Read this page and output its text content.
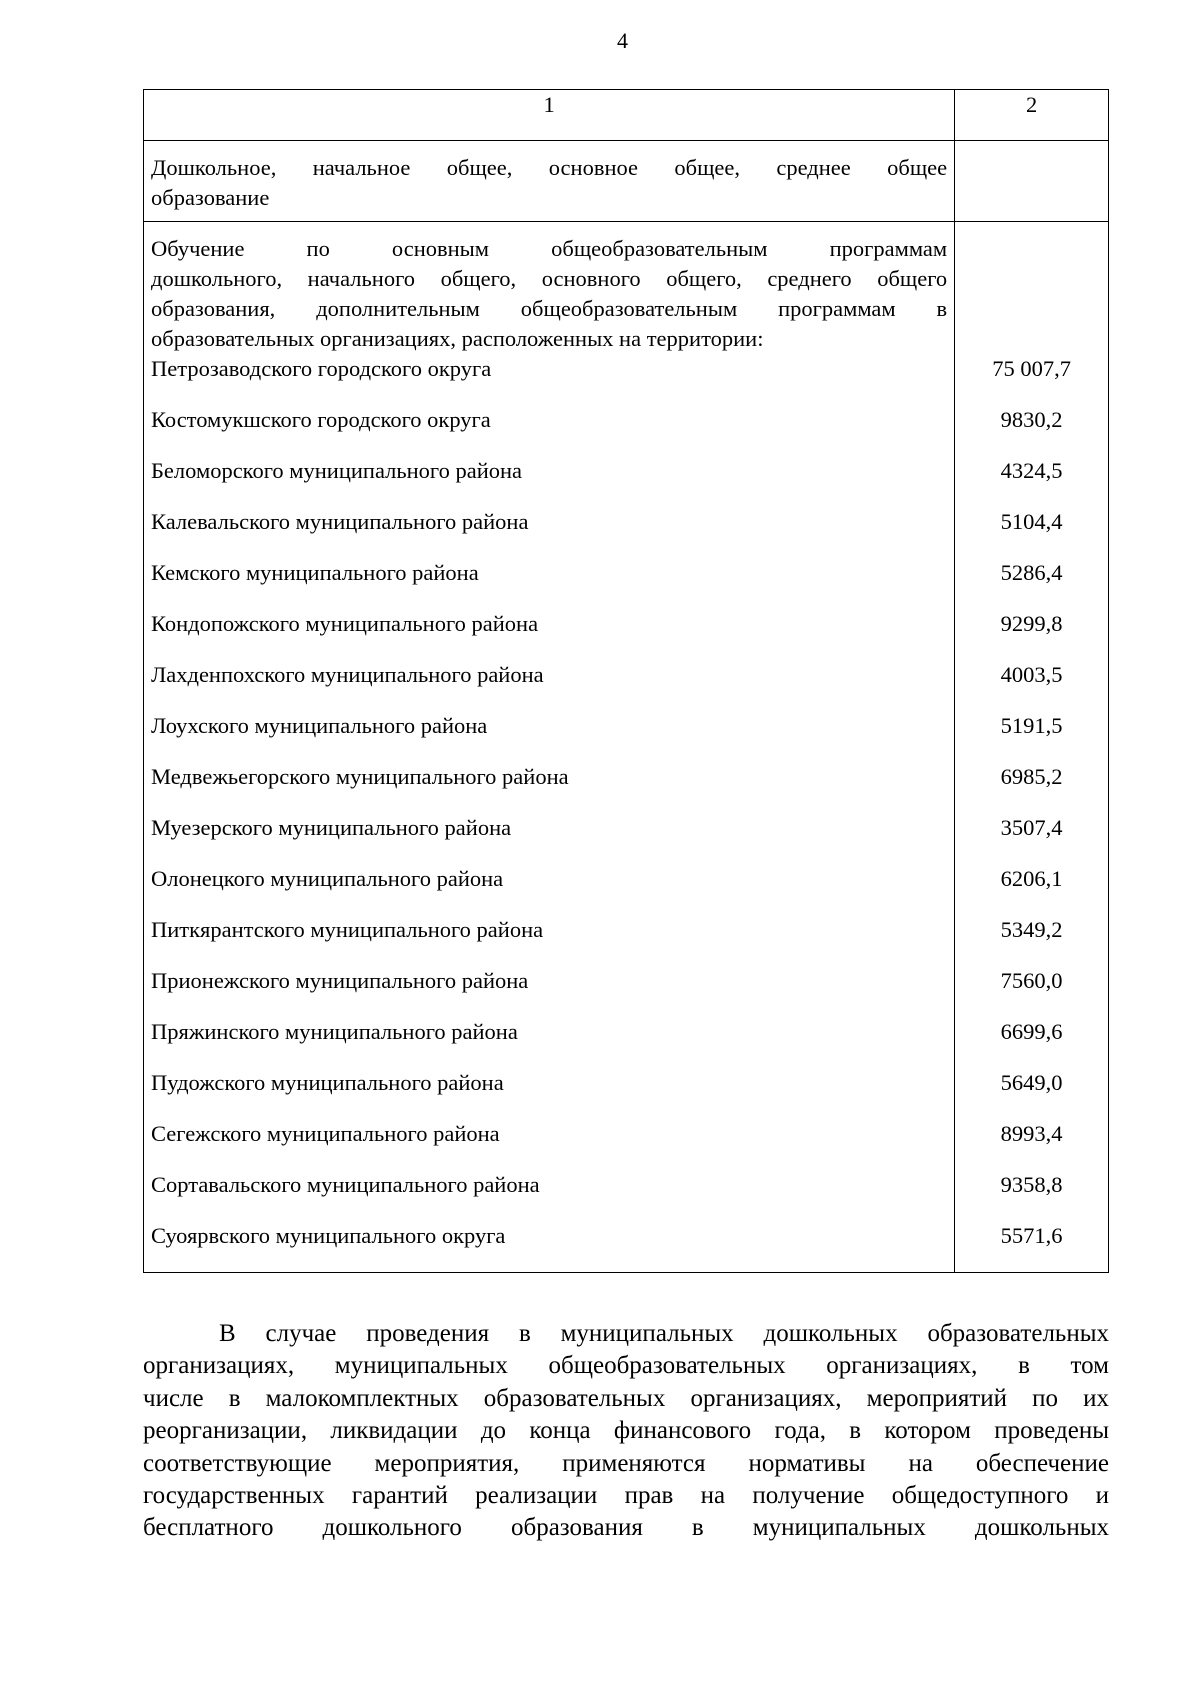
4
1	2

Дошкольное, начальное общее, основное общее, среднее общее
образование	

Обучение по основным общеобразовательным программам
дошкольного, начального общего, основного общего, среднего общего
образования, дополнительным общеобразовательным программам в
образовательных организациях, расположенных на территории:	

Петрозаводского городского округа	75 007,7
Костомукшского городского округа	9830,2
Беломорского муниципального района	4324,5
Калевальского муниципального района	5104,4
Кемского муниципального района	5286,4
Кондопожского муниципального района	9299,8
Лахденпохского муниципального района	4003,5
Лоухского муниципального района	5191,5
Медвежьегорского муниципального района	6985,2
Муезерского муниципального района	3507,4
Олонецкого муниципального района	6206,1
Питкярантского муниципального района	5349,2
Прионежского муниципального района	7560,0
Пряжинского муниципального района	6699,6
Пудожского муниципального района	5649,0
Сегежского муниципального района	8993,4
Сортавальского муниципального района	9358,8
Суоярвского муниципального округа	5571,6
В случае проведения в муниципальных дошкольных образовательных
организациях, муниципальных общеобразовательных организациях, в том
числе в малокомплектных образовательных организациях, мероприятий по их
реорганизации, ликвидации до конца финансового года, в котором проведены
соответствующие мероприятия, применяются нормативы на обеспечение
государственных гарантий реализации прав на получение общедоступного и
бесплатного дошкольного образования в муниципальных дошкольных
